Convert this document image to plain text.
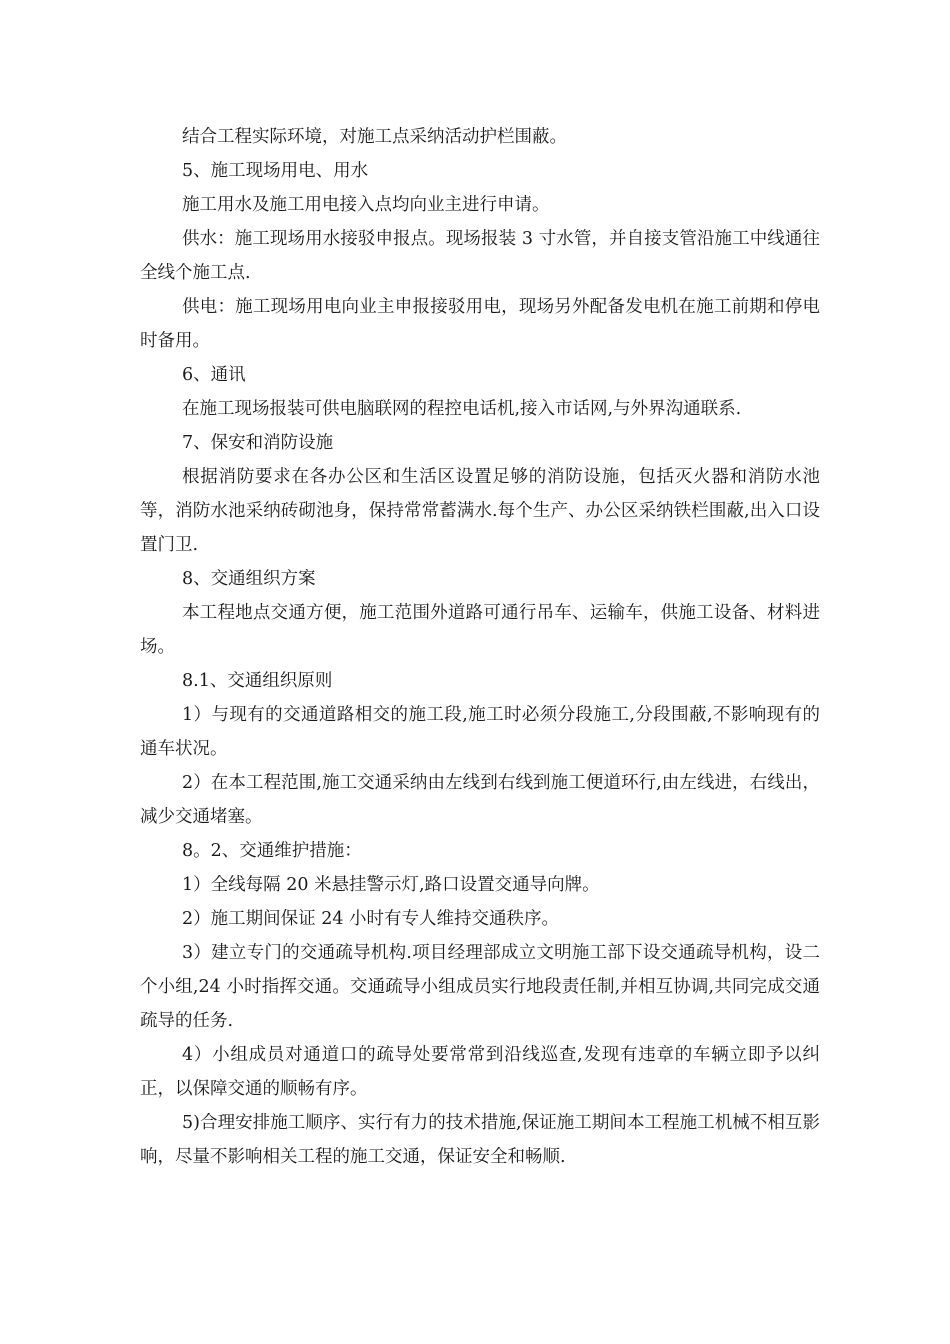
结合工程实际环境，对施工点采纳活动护栏围蔽。

5、施工现场用电、用水

施工用水及施工用电接入点均向业主进行申请。

供水：施工现场用水接驳申报点。现场报装 3 寸水管，并自接支管沿施工中线通往全线个施工点.

供电：施工现场用电向业主申报接驳用电，现场另外配备发电机在施工前期和停电时备用。

6、通讯

在施工现场报装可供电脑联网的程控电话机,接入市话网,与外界沟通联系.

7、保安和消防设施

根据消防要求在各办公区和生活区设置足够的消防设施，包括灭火器和消防水池等，消防水池采纳砖砌池身，保持常常蓄满水.每个生产、办公区采纳铁栏围蔽,出入口设置门卫.

8、交通组织方案

本工程地点交通方便，施工范围外道路可通行吊车、运输车，供施工设备、材料进场。

8.1、交通组织原则

1）与现有的交通道路相交的施工段,施工时必须分段施工,分段围蔽,不影响现有的通车状况。

2）在本工程范围,施工交通采纳由左线到右线到施工便道环行,由左线进，右线出，减少交通堵塞。

8。2、交通维护措施：

1）全线每隔 20 米悬挂警示灯,路口设置交通导向牌。

2）施工期间保证 24 小时有专人维持交通秩序。

3）建立专门的交通疏导机构.项目经理部成立文明施工部下设交通疏导机构，设二个小组,24 小时指挥交通。交通疏导小组成员实行地段责任制,并相互协调,共同完成交通疏导的任务.

4）小组成员对通道口的疏导处要常常到沿线巡查,发现有违章的车辆立即予以纠正，以保障交通的顺畅有序。

5)合理安排施工顺序、实行有力的技术措施,保证施工期间本工程施工机械不相互影响，尽量不影响相关工程的施工交通，保证安全和畅顺.
